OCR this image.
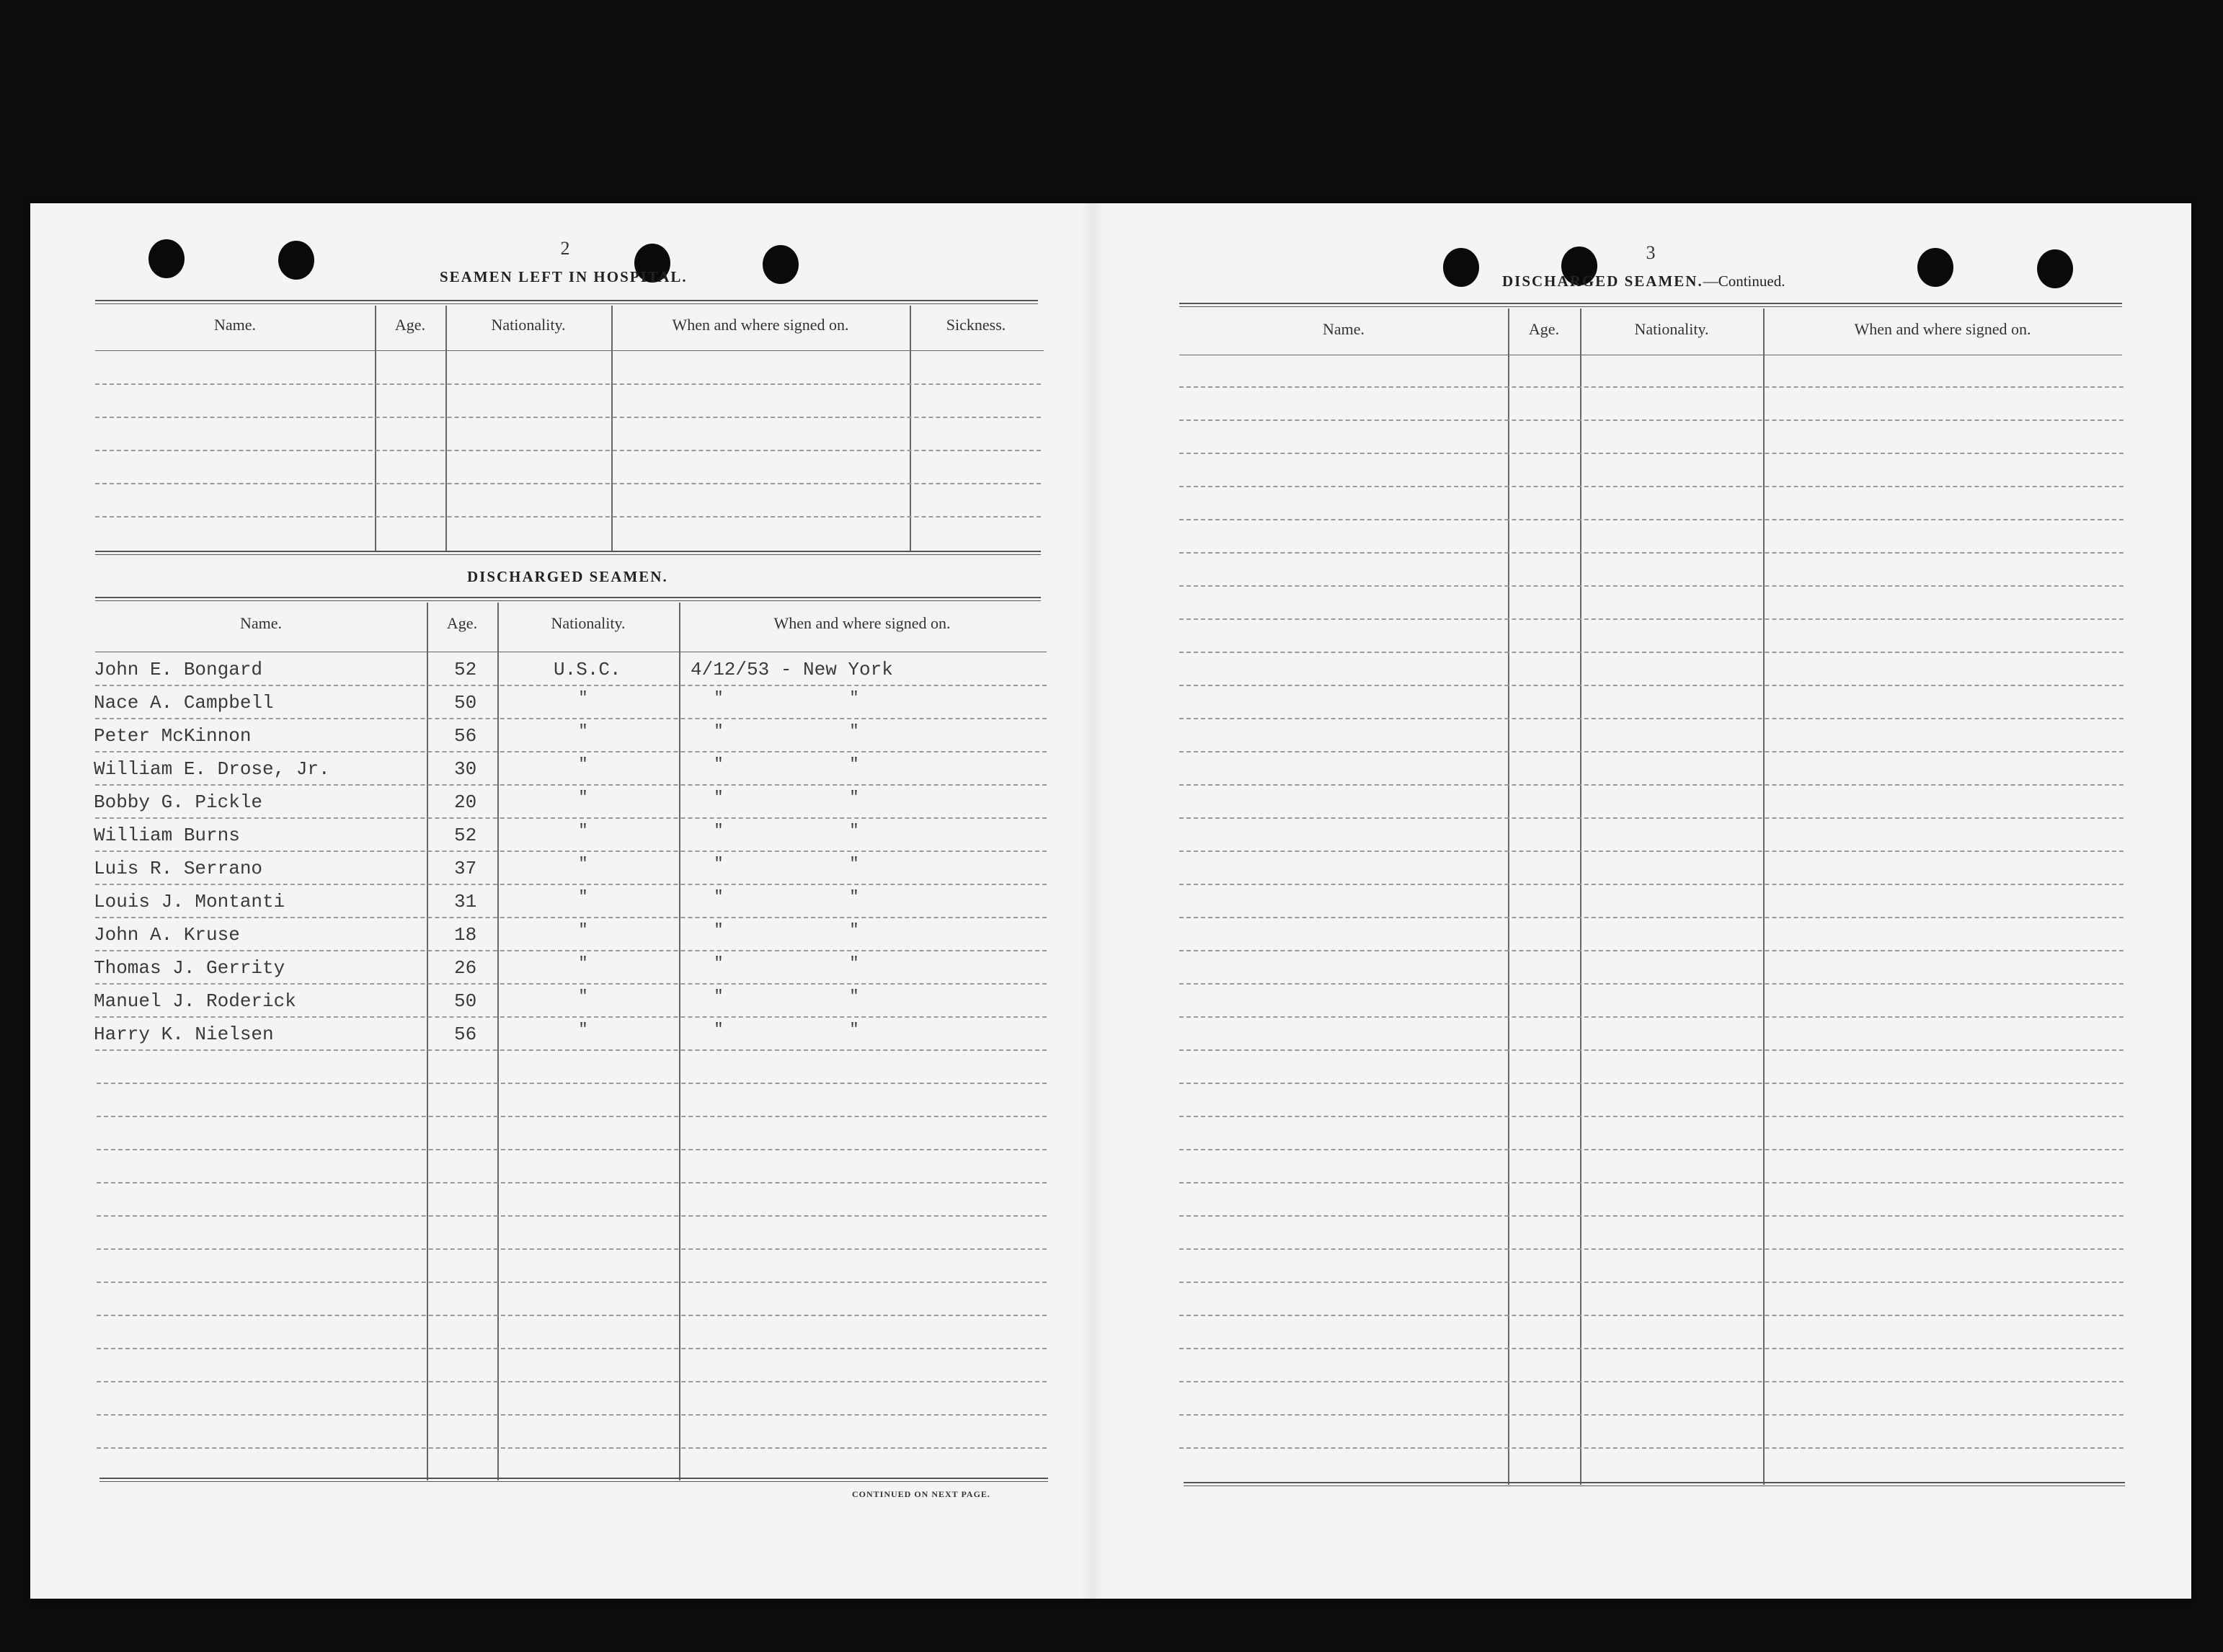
2
SEAMEN LEFT IN HOSPITAL.
Name.	Age.	Nationality.	When and where signed on.	Sickness.
DISCHARGED SEAMEN.
Name.	Age.	Nationality.	When and where signed on.
John E. Bongard	52	U.S.C.	4/12/53 - New York
Nace A. Campbell	50	"	"	"
Peter McKinnon	56	"	"	"
William E. Drose, Jr.	30	"	"	"
Bobby G. Pickle	20	"	"	"
William Burns	52	"	"	"
Luis R. Serrano	37	"	"	"
Louis J. Montanti	31	"	"	"
John A. Kruse	18	"	"	"
Thomas J. Gerrity	26	"	"	"
Manuel J. Roderick	50	"	"	"
Harry K. Nielsen	56	"	"	"
CONTINUED ON NEXT PAGE.
3
DISCHARGED SEAMEN.—Continued.
Name.	Age.	Nationality.	When and where signed on.
